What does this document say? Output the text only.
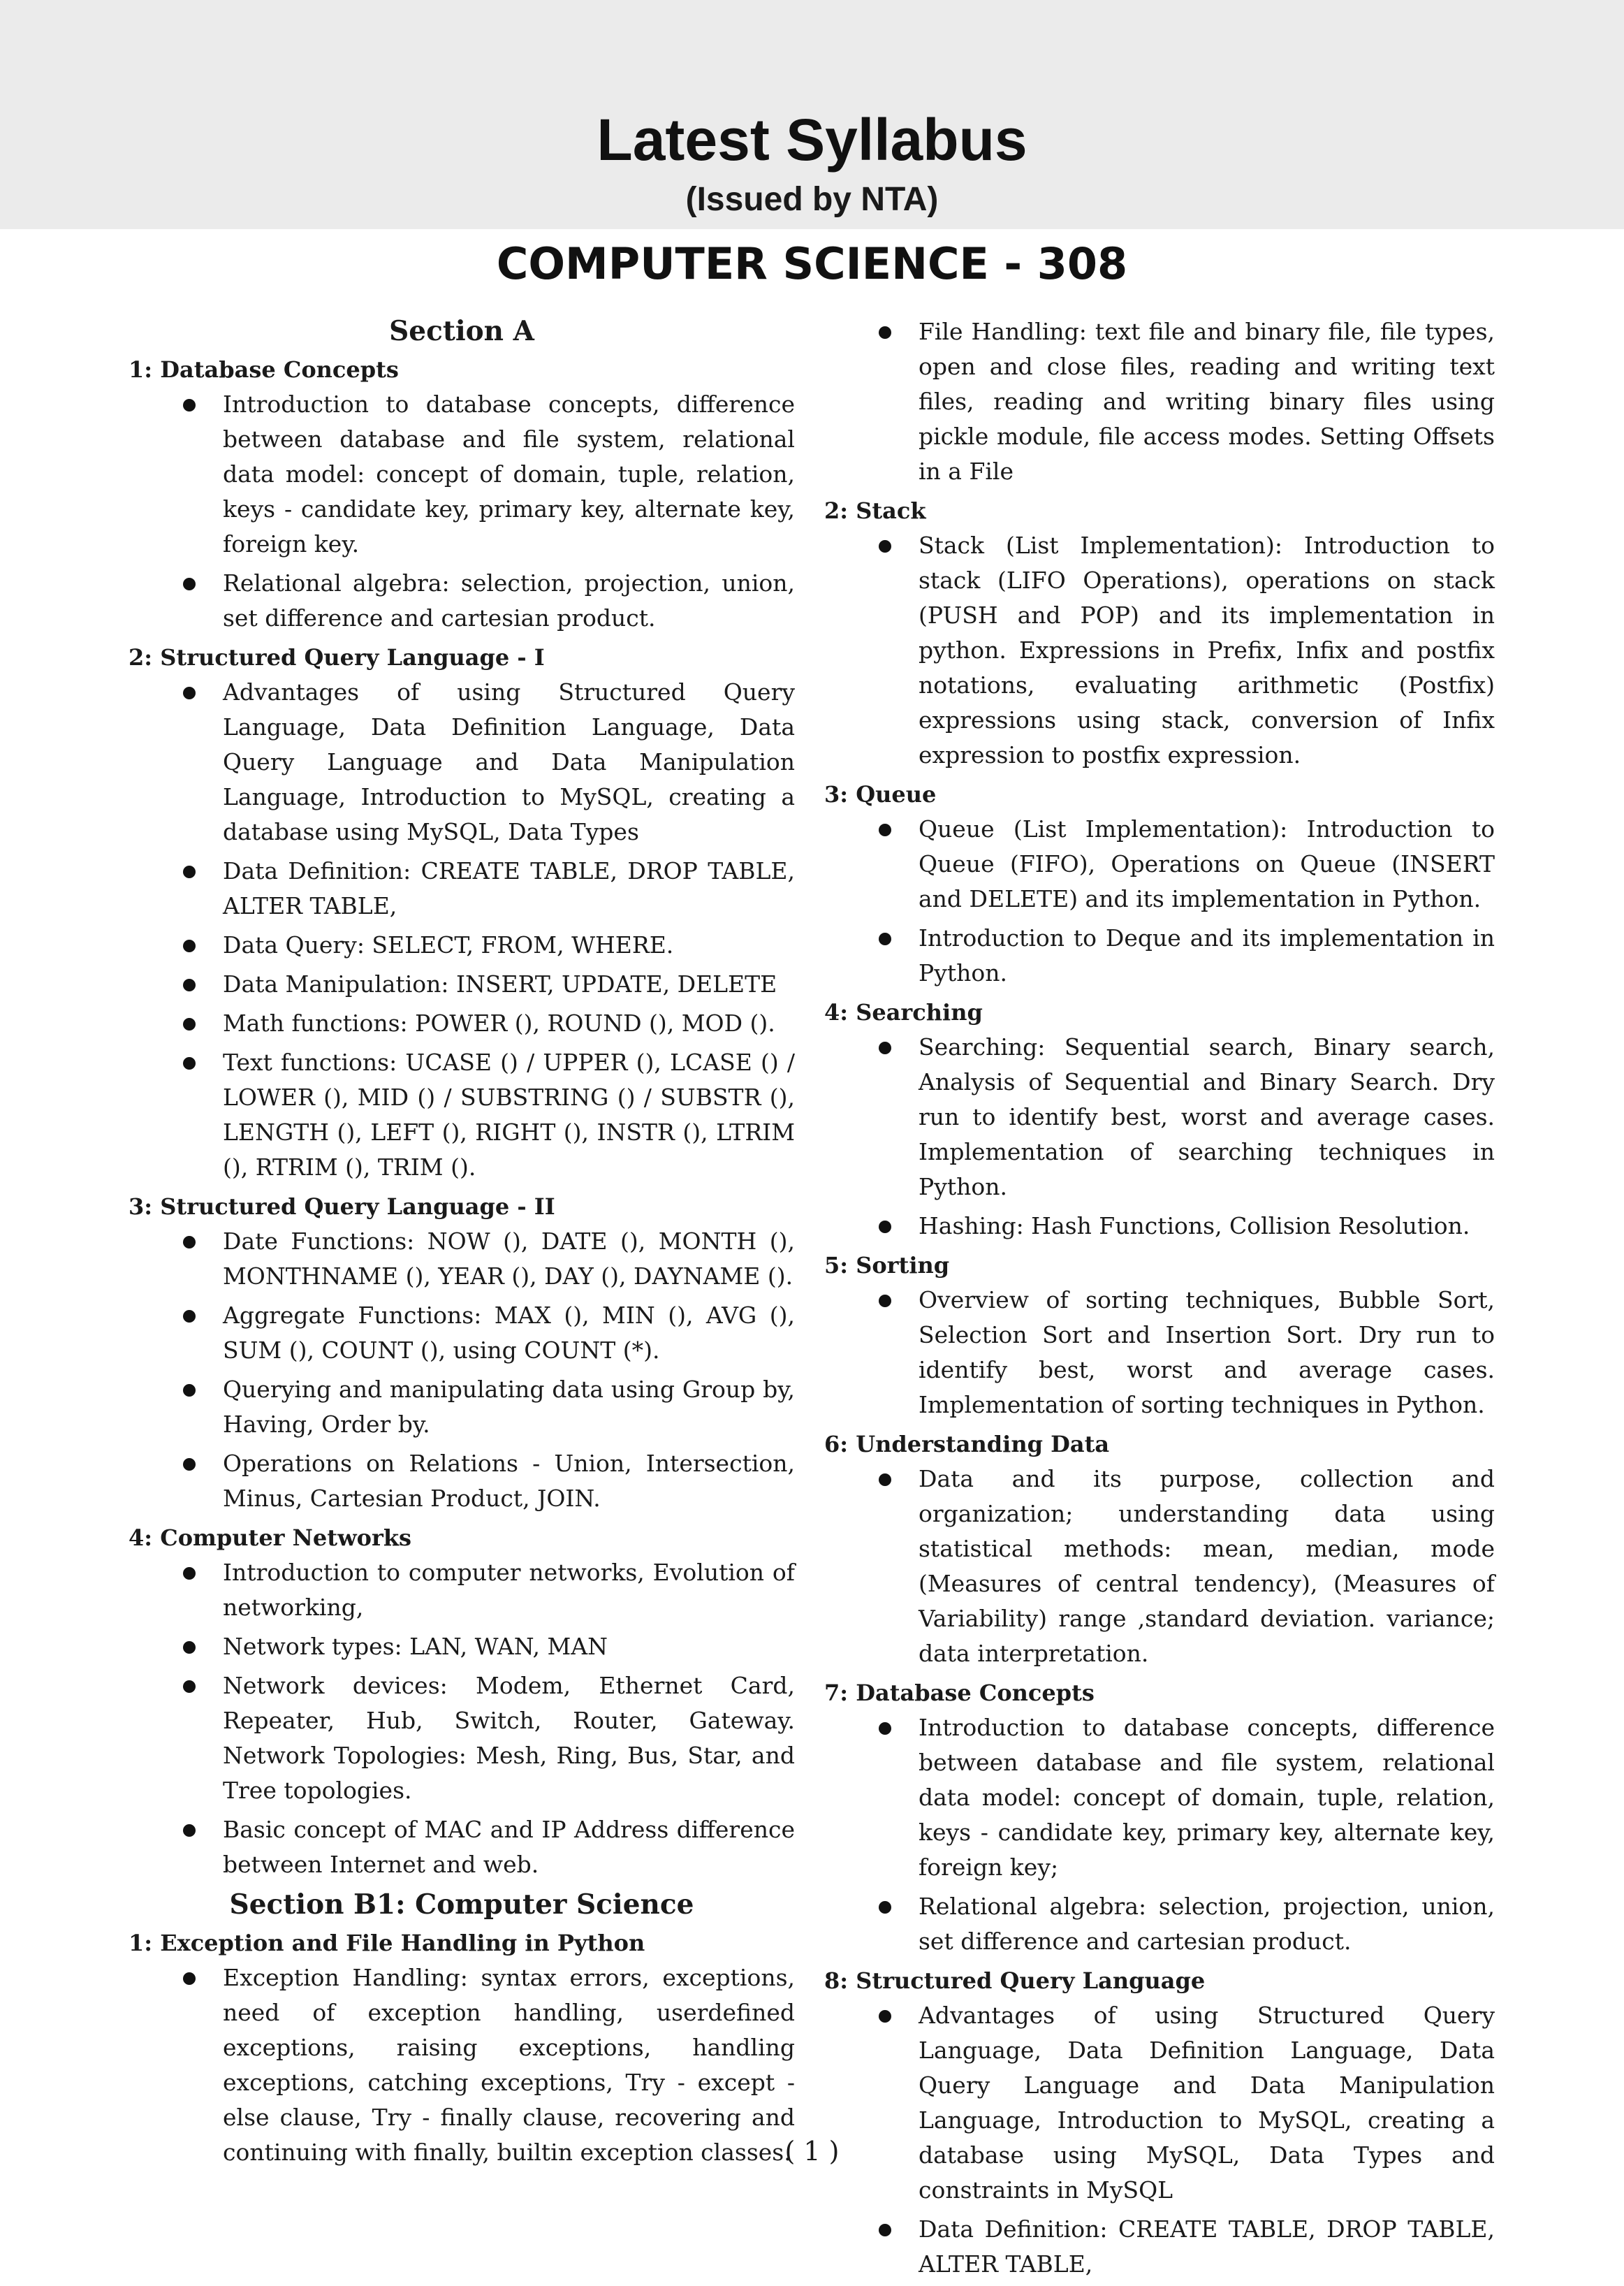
Latest Syllabus
(Issued by NTA)
COMPUTER SCIENCE - 308
Section A
1: Database Concepts
Introduction to database concepts, difference between database and file system, relational data model: concept of domain, tuple, relation, keys - candidate key, primary key, alternate key, foreign key.
Relational algebra: selection, projection, union, set difference and cartesian product.
2: Structured Query Language - I
Advantages of using Structured Query Language, Data Definition Language, Data Query Language and Data Manipulation Language, Introduction to MySQL, creating a database using MySQL, Data Types
Data Definition: CREATE TABLE, DROP TABLE, ALTER TABLE,
Data Query: SELECT, FROM, WHERE.
Data Manipulation: INSERT, UPDATE, DELETE
Math functions: POWER (), ROUND (), MOD ().
Text functions: UCASE () / UPPER (), LCASE () / LOWER (), MID () / SUBSTRING () / SUBSTR (), LENGTH (), LEFT (), RIGHT (), INSTR (), LTRIM (), RTRIM (), TRIM ().
3: Structured Query Language - II
Date Functions: NOW (), DATE (), MONTH (), MONTHNAME (), YEAR (), DAY (), DAYNAME ().
Aggregate Functions: MAX (), MIN (), AVG (), SUM (), COUNT (), using COUNT (*).
Querying and manipulating data using Group by, Having, Order by.
Operations on Relations - Union, Intersection, Minus, Cartesian Product, JOIN.
4: Computer Networks
Introduction to computer networks, Evolution of networking,
Network types: LAN, WAN, MAN
Network devices: Modem, Ethernet Card, Repeater, Hub, Switch, Router, Gateway. Network Topologies: Mesh, Ring, Bus, Star, and Tree topologies.
Basic concept of MAC and IP Address difference between Internet and web.
Section B1: Computer Science
1: Exception and File Handling in Python
Exception Handling: syntax errors, exceptions, need of exception handling, userdefined exceptions, raising exceptions, handling exceptions, catching exceptions, Try - except - else clause, Try - finally clause, recovering and continuing with finally, builtin exception classes.
File Handling: text file and binary file, file types, open and close files, reading and writing text files, reading and writing binary files using pickle module, file access modes. Setting Offsets in a File
2: Stack
Stack (List Implementation): Introduction to stack (LIFO Operations), operations on stack (PUSH and POP) and its implementation in python. Expressions in Prefix, Infix and postfix notations, evaluating arithmetic (Postfix) expressions using stack, conversion of Infix expression to postfix expression.
3: Queue
Queue (List Implementation): Introduction to Queue (FIFO), Operations on Queue (INSERT and DELETE) and its implementation in Python.
Introduction to Deque and its implementation in Python.
4: Searching
Searching: Sequential search, Binary search, Analysis of Sequential and Binary Search. Dry run to identify best, worst and average cases. Implementation of searching techniques in Python.
Hashing: Hash Functions, Collision Resolution.
5: Sorting
Overview of sorting techniques, Bubble Sort, Selection Sort and Insertion Sort. Dry run to identify best, worst and average cases. Implementation of sorting techniques in Python.
6: Understanding Data
Data and its purpose, collection and organization; understanding data using statistical methods: mean, median, mode (Measures of central tendency), (Measures of Variability) range ,standard deviation. variance; data interpretation.
7: Database Concepts
Introduction to database concepts, difference between database and file system, relational data model: concept of domain, tuple, relation, keys - candidate key, primary key, alternate key, foreign key;
Relational algebra: selection, projection, union, set difference and cartesian product.
8: Structured Query Language
Advantages of using Structured Query Language, Data Definition Language, Data Query Language and Data Manipulation Language, Introduction to MySQL, creating a database using MySQL, Data Types and constraints in MySQL
Data Definition: CREATE TABLE, DROP TABLE, ALTER TABLE,
( 1 )
